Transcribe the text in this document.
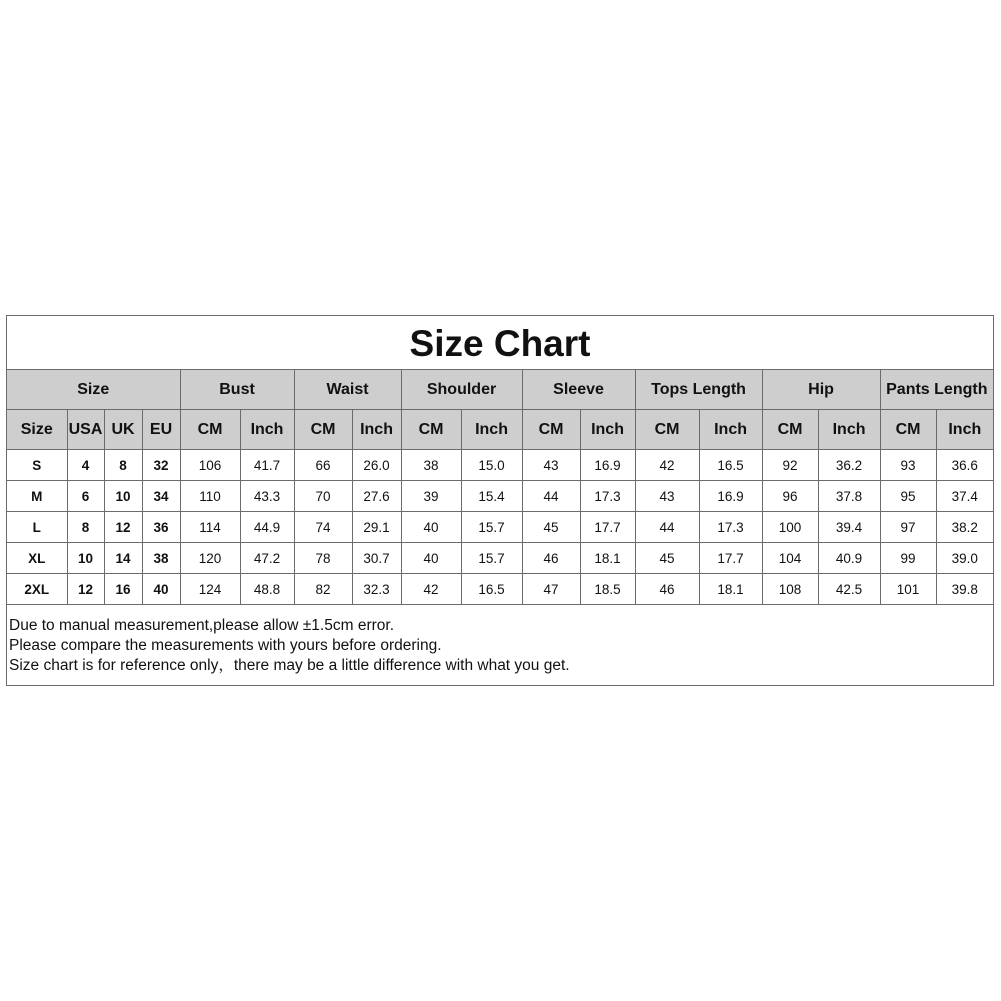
Size Chart
Size				Bust		Waist		Shoulder		Sleeve		Tops Length		Hip		Pants Length	
Size	USA	UK	EU	CM	Inch	CM	Inch	CM	Inch	CM	Inch	CM	Inch	CM	Inch	CM	Inch
S	4	8	32	106	41.7	66	26.0	38	15.0	43	16.9	42	16.5	92	36.2	93	36.6
M	6	10	34	110	43.3	70	27.6	39	15.4	44	17.3	43	16.9	96	37.8	95	37.4
L	8	12	36	114	44.9	74	29.1	40	15.7	45	17.7	44	17.3	100	39.4	97	38.2
XL	10	14	38	120	47.2	78	30.7	40	15.7	46	18.1	45	17.7	104	40.9	99	39.0
2XL	12	16	40	124	48.8	82	32.3	42	16.5	47	18.5	46	18.1	108	42.5	101	39.8
Due to manual measurement,please allow ±1.5cm error.
Please compare the measurements with yours before ordering.
Size chart is for reference only，there may be a little difference with what you get.
